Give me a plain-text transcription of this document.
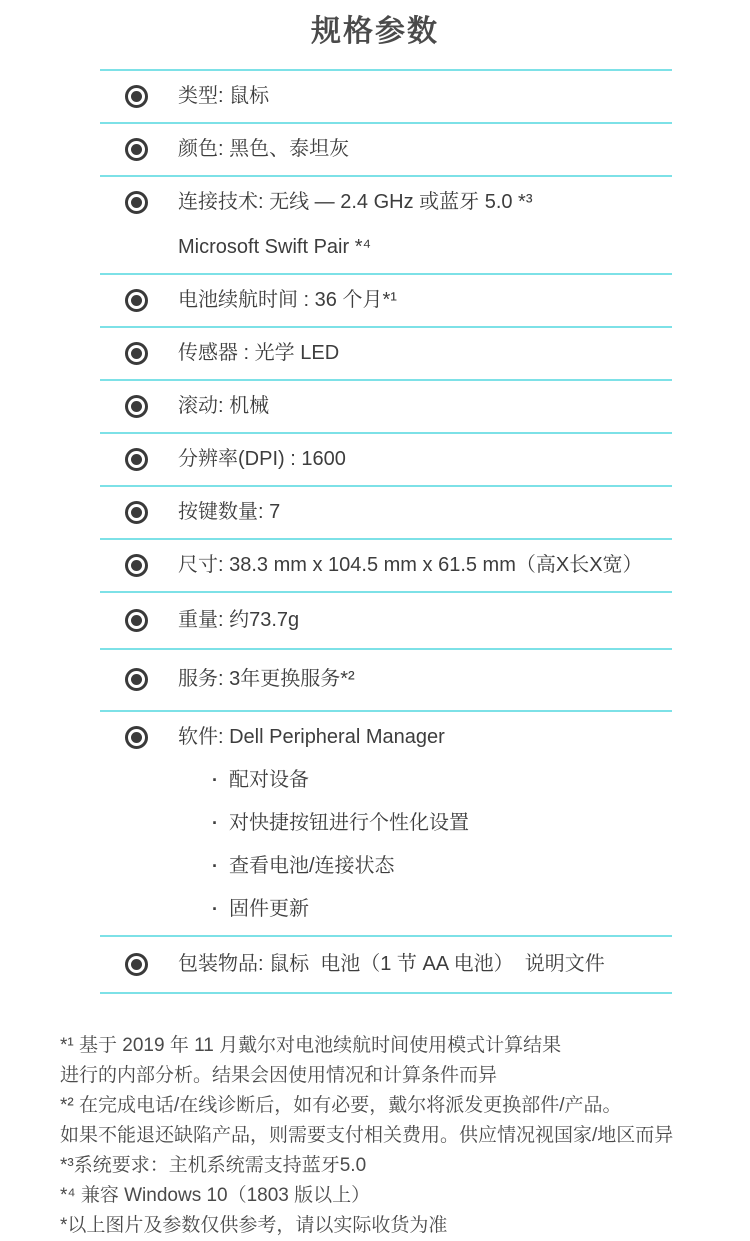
规格参数
类型: 鼠标
颜色: 黑色、泰坦灰
连接技术: 无线 — 2.4 GHz 或蓝牙 5.0 *³
Microsoft Swift Pair *⁴
电池续航时间 : 36 个月*¹
传感器 : 光学 LED
滚动: 机械
分辨率(DPI) : 1600
按键数量: 7
尺寸: 38.3 mm x 104.5 mm x 61.5 mm（高X长X宽）
重量: 约73.7g
服务: 3年更换服务*²
软件: Dell Peripheral Manager
· 配对设备
· 对快捷按钮进行个性化设置
· 查看电池/连接状态
· 固件更新
包装物品: 鼠标  电池（1 节 AA 电池）  说明文件
*¹ 基于 2019 年 11 月戴尔对电池续航时间使用模式计算结果
进行的内部分析。结果会因使用情况和计算条件而异
*² 在完成电话/在线诊断后，如有必要，戴尔将派发更换部件/产品。
如果不能退还缺陷产品，则需要支付相关费用。供应情况视国家/地区而异
*³系统要求：主机系统需支持蓝牙5.0
*⁴ 兼容 Windows 10（1803 版以上）
*以上图片及参数仅供参考，请以实际收货为准
